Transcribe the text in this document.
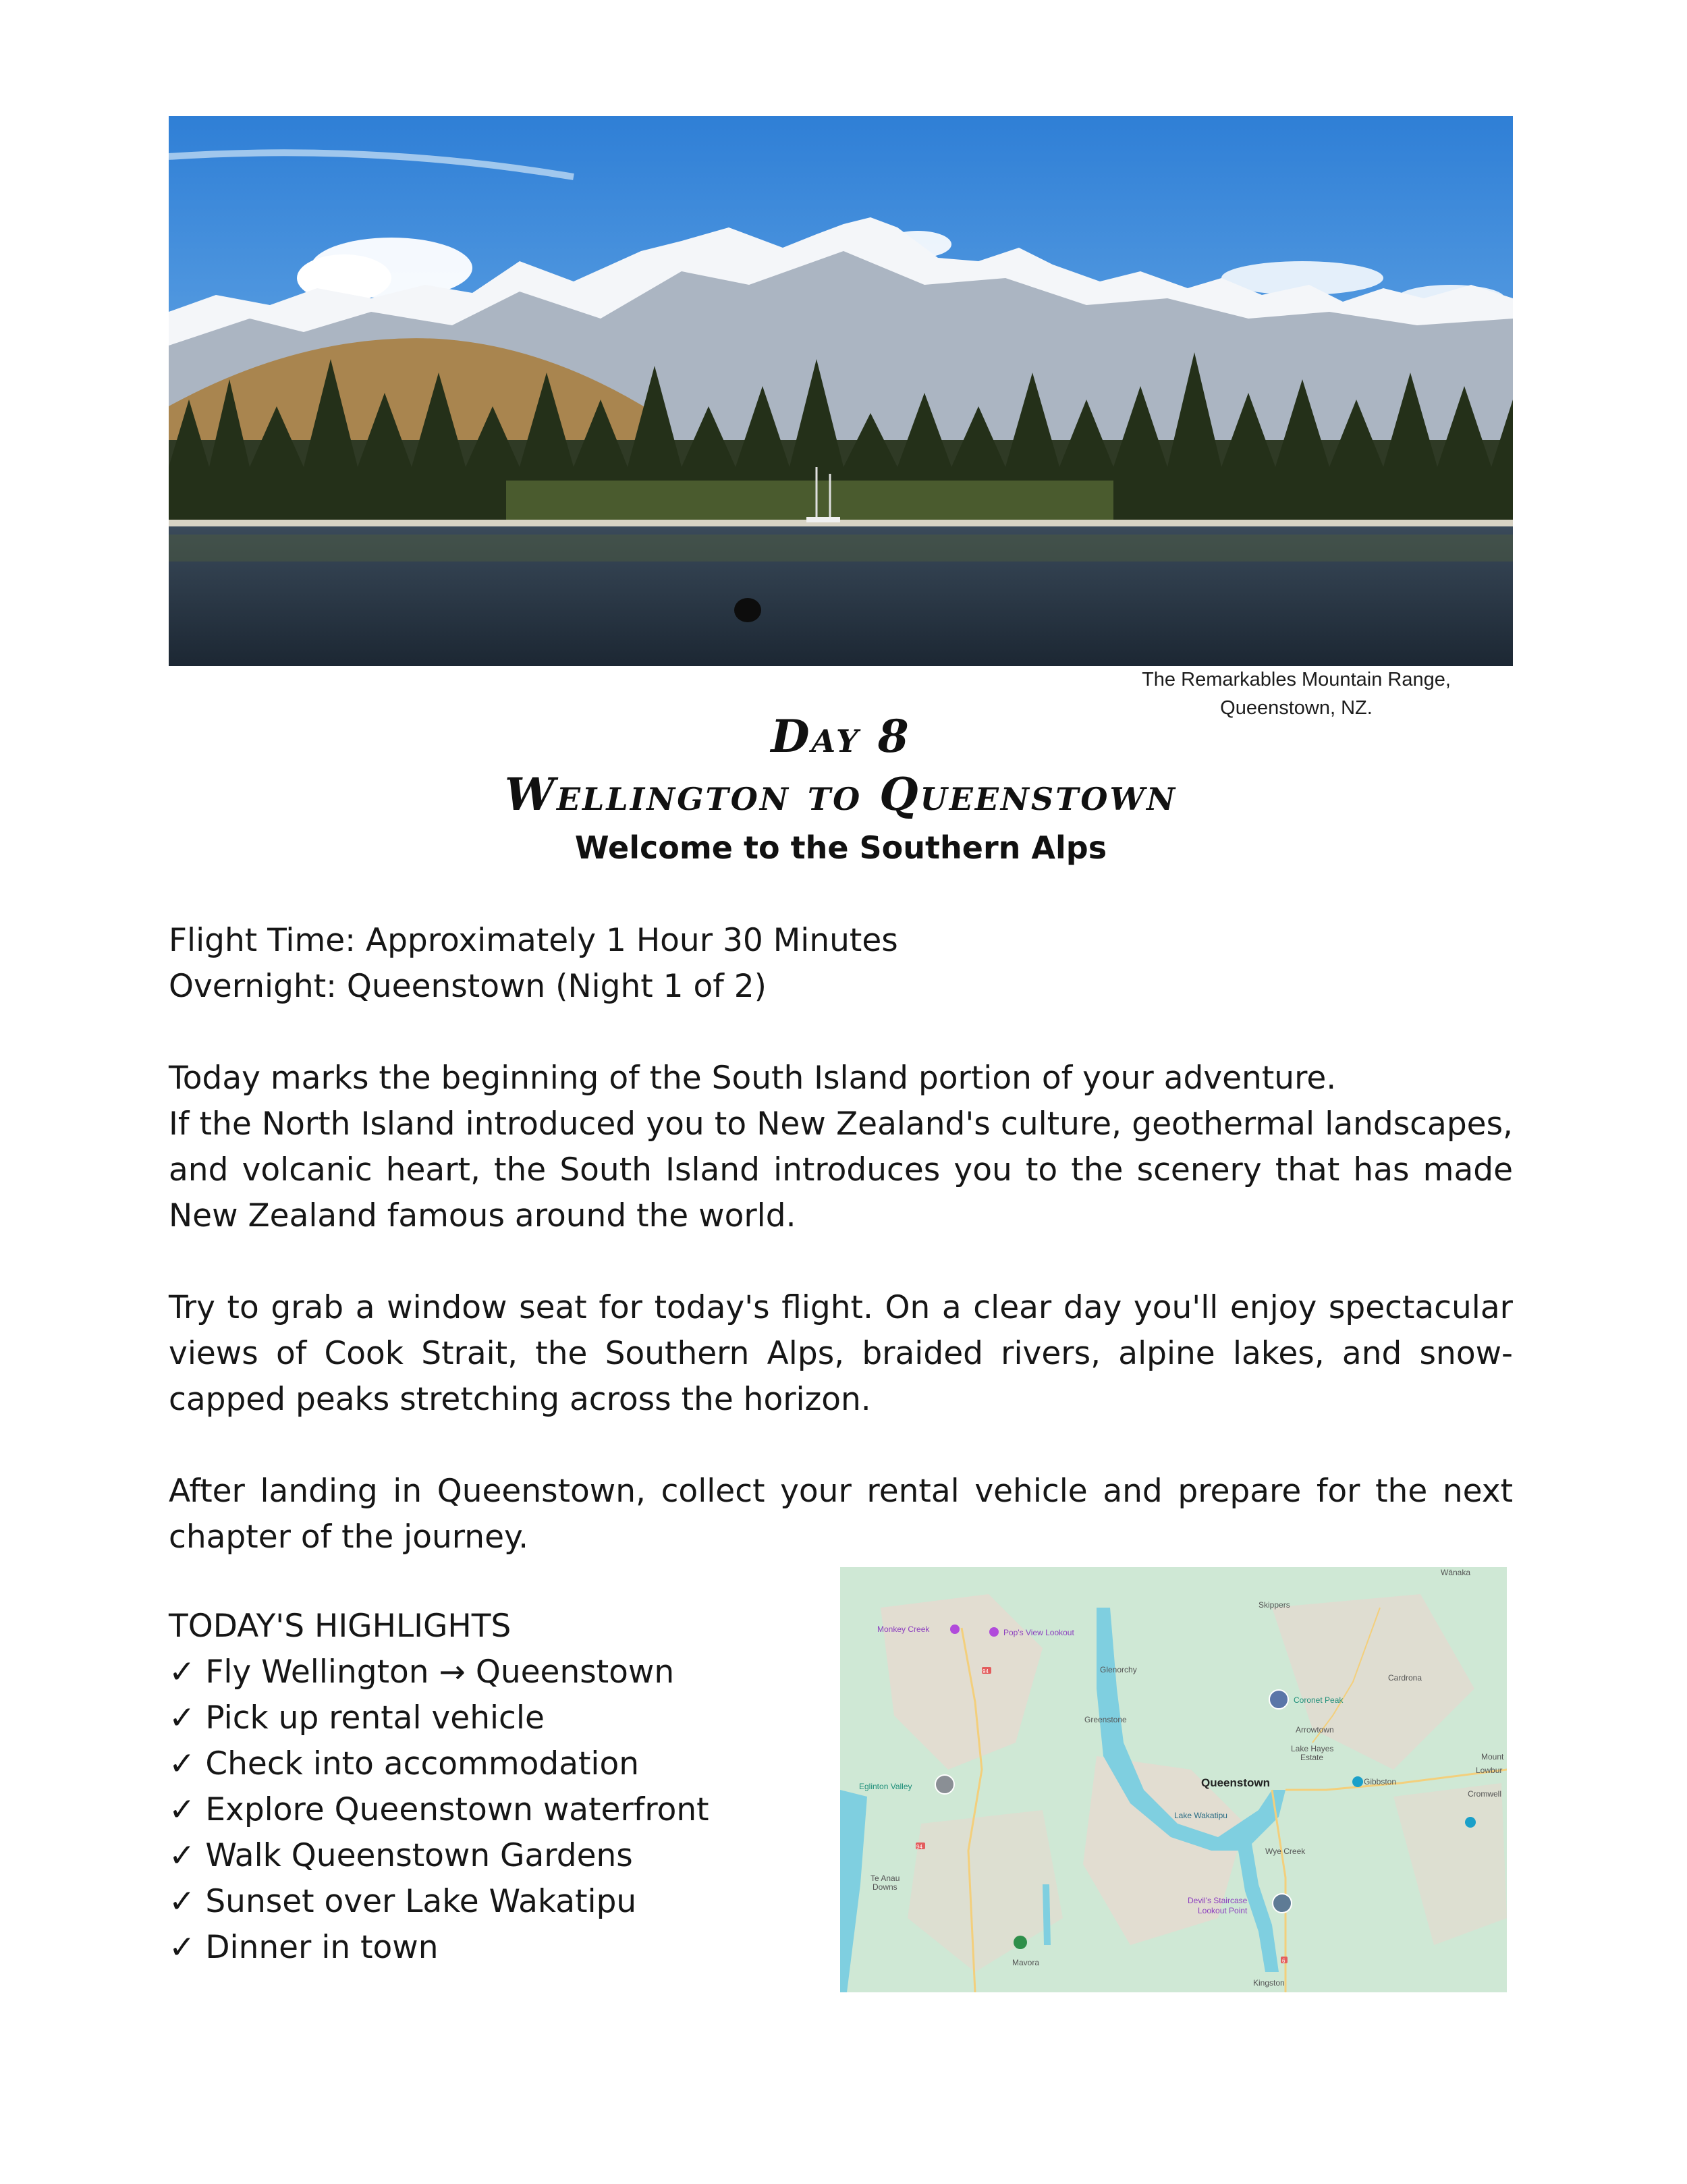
The Remarkables Mountain Range,
Queenstown, NZ.
Day 8
Wellington to Queenstown
Welcome to the Southern Alps
Flight Time: Approximately 1 Hour 30 Minutes
Overnight: Queenstown (Night 1 of 2)
Today marks the beginning of the South Island portion of your adventure.

If the North Island introduced you to New Zealand's culture, geothermal landscapes, and volcanic heart, the South Island introduces you to the scenery that has made New Zealand famous around the world.

Try to grab a window seat for today's flight. On a clear day you'll enjoy spectacular views of Cook Strait, the Southern Alps, braided rivers, alpine lakes, and snow-capped peaks stretching across the horizon.

After landing in Queenstown, collect your rental vehicle and prepare for the next chapter of the journey.

TODAY'S HIGHLIGHTS
✓ Fly Wellington → Queenstown
✓ Pick up rental vehicle
✓ Check into accommodation
✓ Explore Queenstown waterfront
✓ Walk Queenstown Gardens
✓ Sunset over Lake Wakatipu
✓ Dinner in town
94
94
6
Monkey Creek	Pop's View Lookout
Coronet Peak
Eglinton Valley
Devil's Staircase
Lookout Point
Skippers
Wānaka
Glenorchy
Cardrona
Greenstone
Arrowtown
Lake Hayes
Estate
Gibbston
Queenstown
Lake Wakatipu
Wye Creek
Te Anau
Downs
Mavora
Kingston
Cromwell
Lowbur
Mount
